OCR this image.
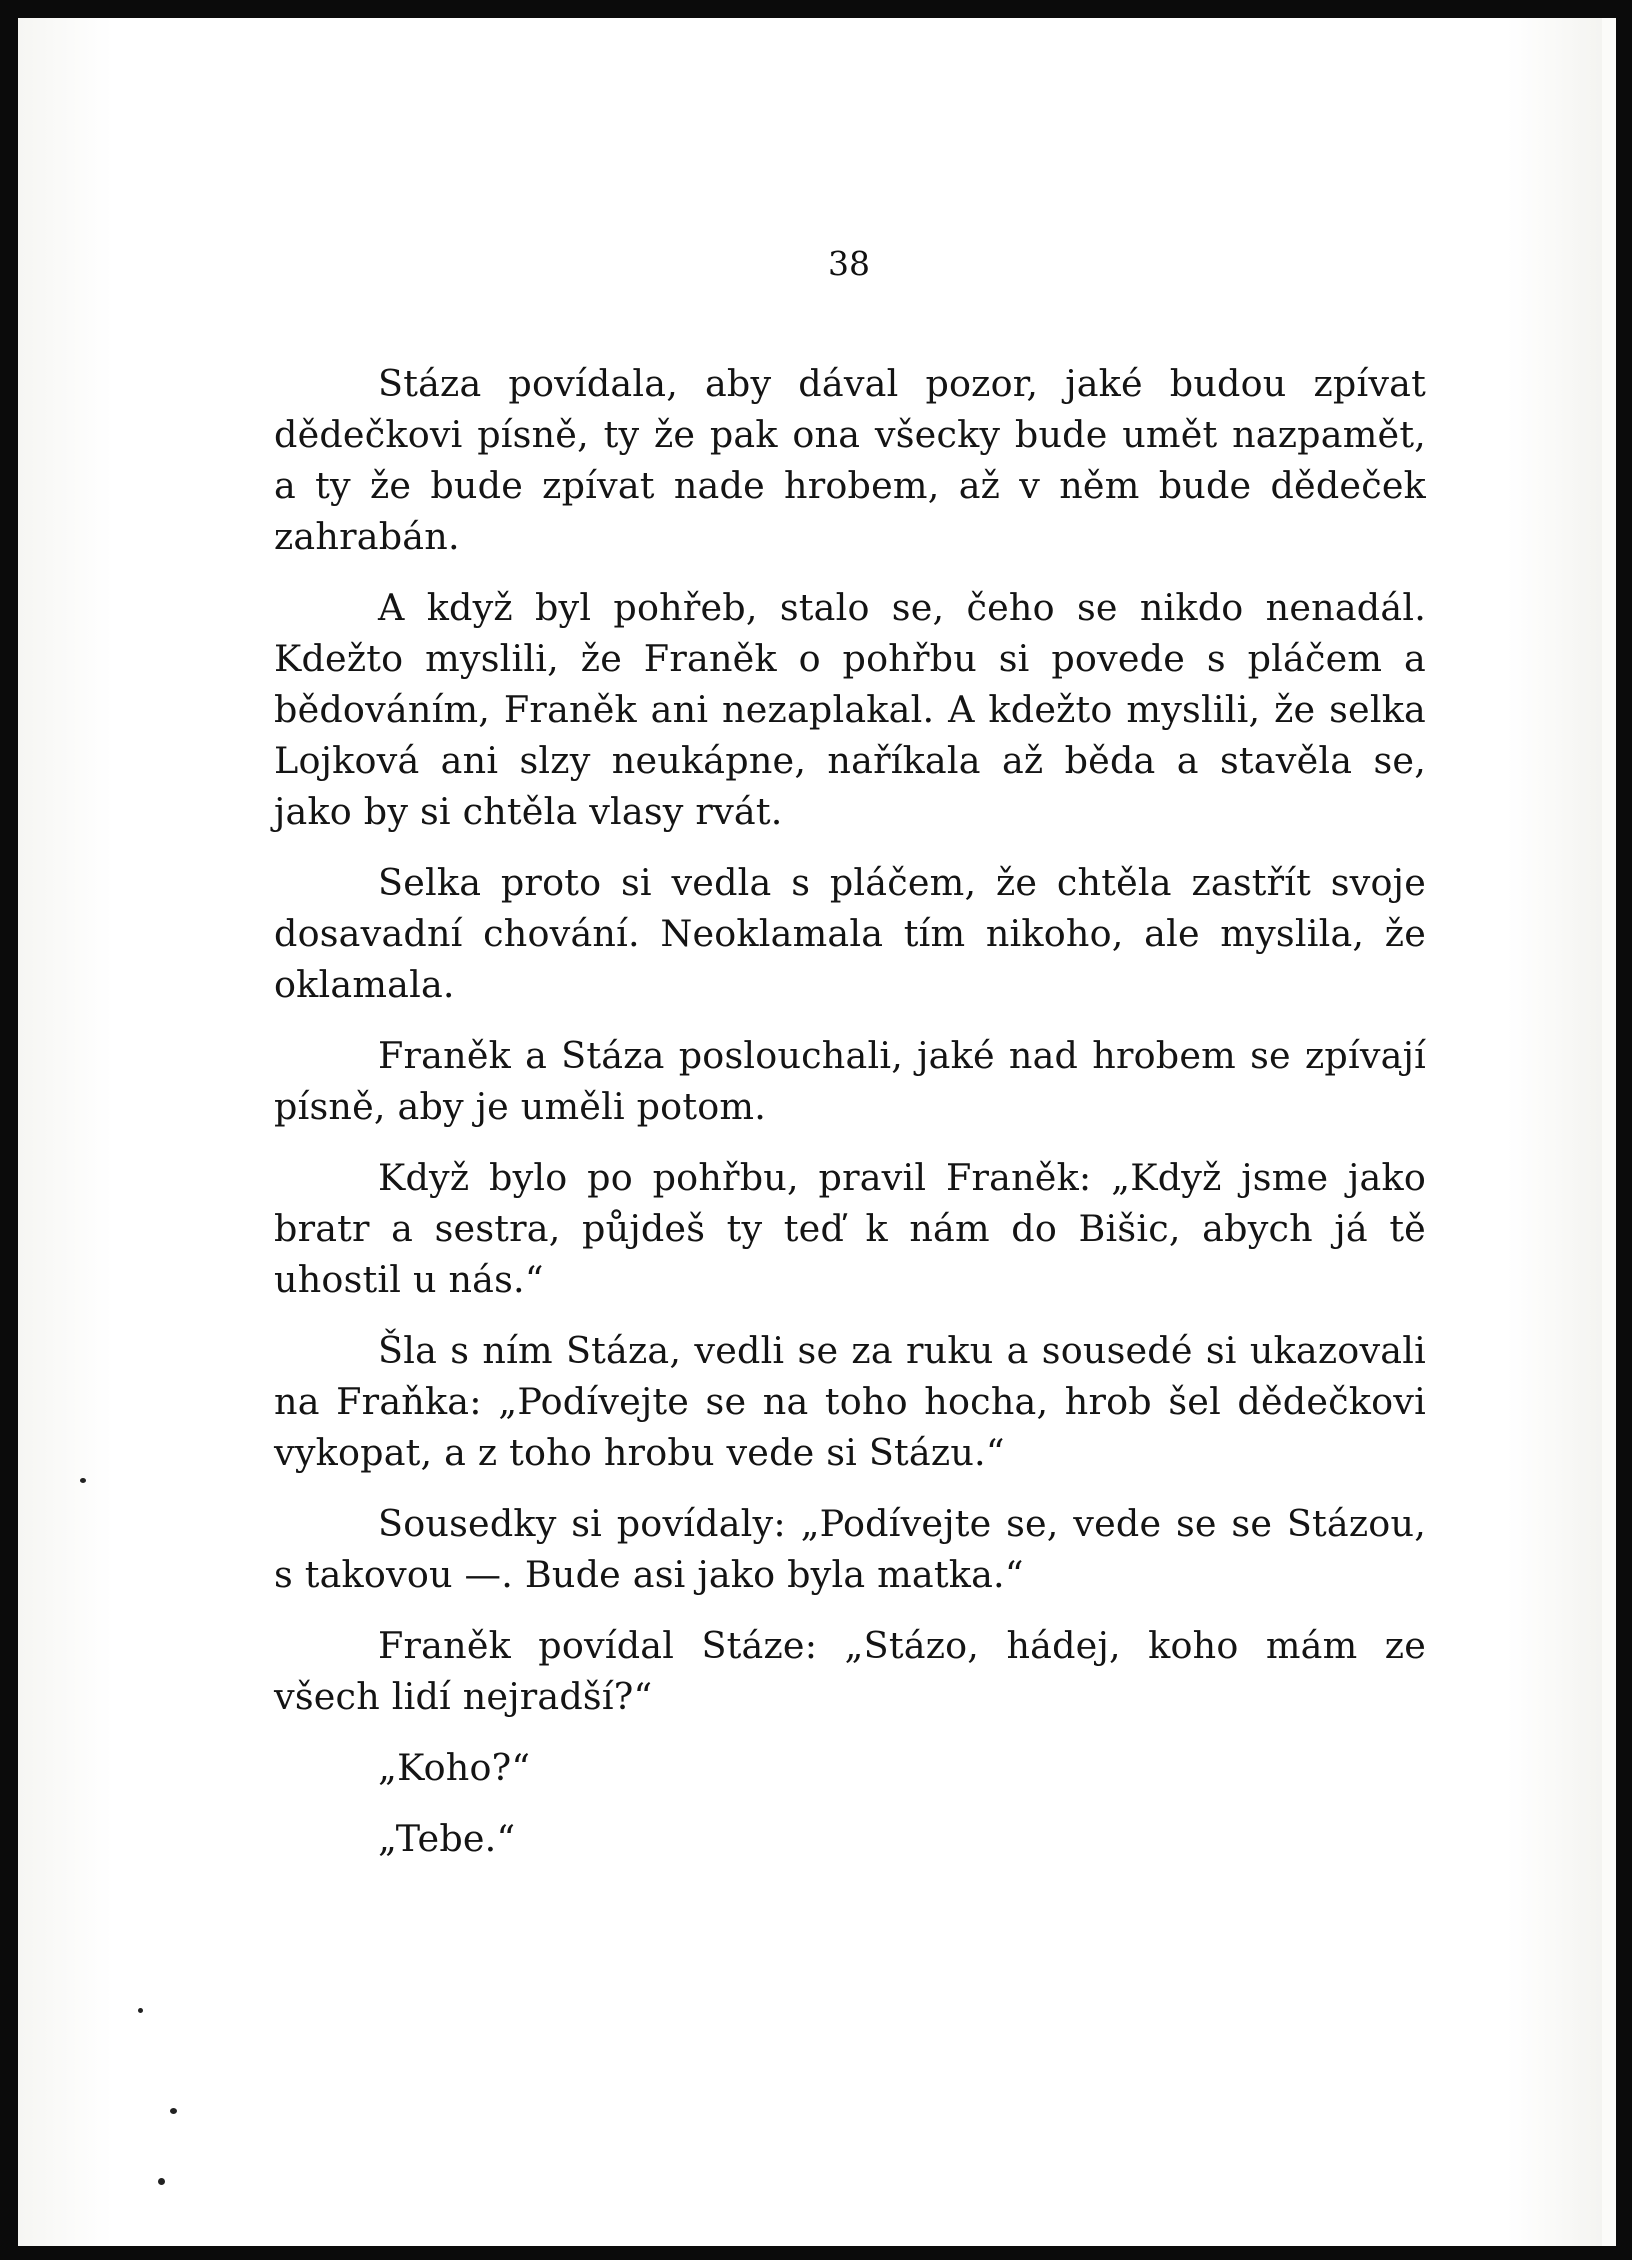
38

Stáza povídala, aby dával pozor, jaké budou zpívat dědečkovi písně, ty že pak ona všecky bude umět nazpamět, a ty že bude zpívat nade hrobem, až v něm bude dědeček zahrabán.

A když byl pohřeb, stalo se, čeho se nikdo nenadál. Kdežto myslili, že Franěk o pohřbu si povede s pláčem a bědováním, Franěk ani nezaplakal. A kdežto myslili, že selka Lojková ani slzy neukápne, naříkala až běda a stavěla se, jako by si chtěla vlasy rvát.

Selka proto si vedla s pláčem, že chtěla zastřít svoje dosavadní chování. Neoklamala tím nikoho, ale myslila, že oklamala.

Franěk a Stáza poslouchali, jaké nad hrobem se zpívají písně, aby je uměli potom.

Když bylo po pohřbu, pravil Franěk: „Když jsme jako bratr a sestra, půjdeš ty teď k nám do Bišic, abych já tě uhostil u nás.“

Šla s ním Stáza, vedli se za ruku a sousedé si ukazovali na Fraňka: „Podívejte se na toho hocha, hrob šel dědečkovi vykopat, a z toho hrobu vede si Stázu.“

Sousedky si povídaly: „Podívejte se, vede se se Stázou, s takovou —. Bude asi jako byla matka.“

Franěk povídal Stáze: „Stázo, hádej, koho mám ze všech lidí nejradší?“

„Koho?“

„Tebe.“
